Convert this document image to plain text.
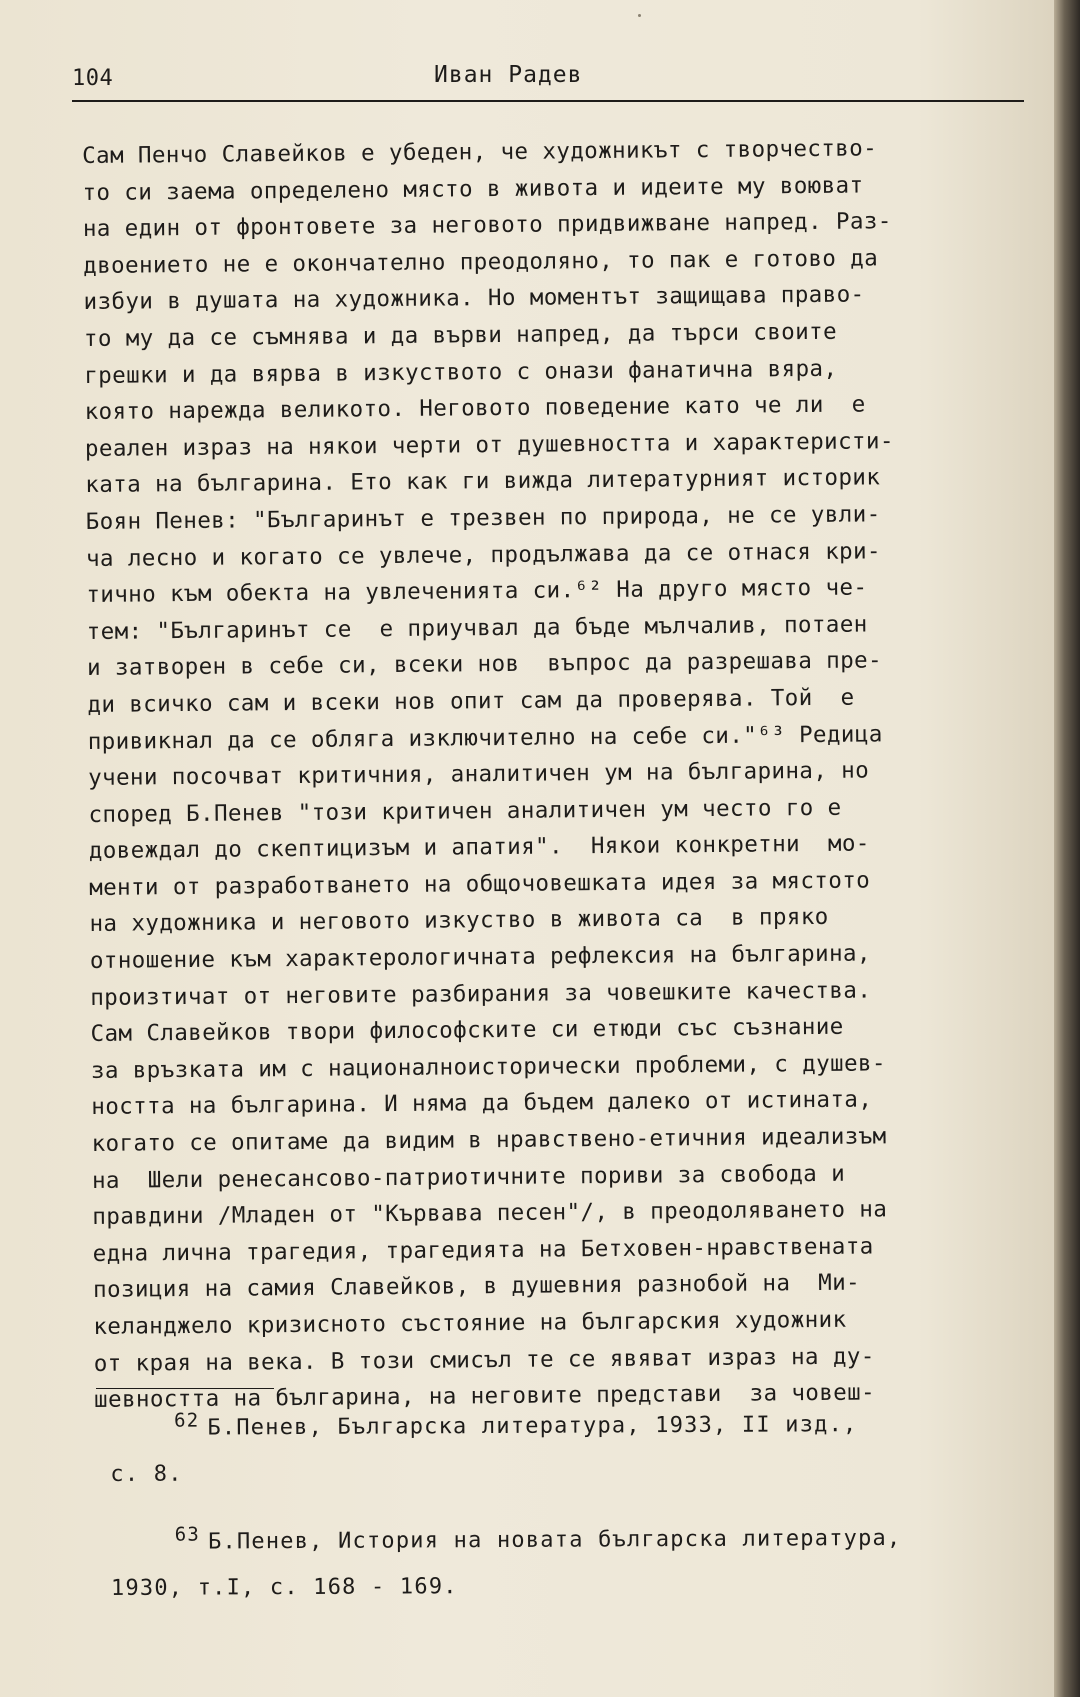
104	Иван Радев
Сам Пенчо Славейков е убеден, че художникът с творчество-
то си заема определено място в живота и идеите му воюват
на един от фронтовете за неговото придвижване напред. Раз-
двоението не е окончателно преодоляно, то пак е готово да
избуи в душата на художника. Но моментът защищава право-
то му да се съмнява и да върви напред, да търси своите
грешки и да вярва в изкуството с онази фанатична вяра,
която нарежда великото. Неговото поведение като че ли  е
реален израз на някои черти от душевността и характеристи-
ката на българина. Ето как ги вижда литературният историк
Боян Пенев: "Българинът е трезвен по природа, не се увли-
ча лесно и когато се увлече, продължава да се отнася кри-
тично към обекта на увлеченията си.⁶² На друго място че-
тем: "Българинът се  е приучвал да бъде мълчалив, потаен
и затворен в себе си, всеки нов  въпрос да разрешава пре-
ди всичко сам и всеки нов опит сам да проверява. Той  е
привикнал да се обляга изключително на себе си."⁶³ Редица
учени посочват критичния, аналитичен ум на българина, но
според Б.Пенев "този критичен аналитичен ум често го е
довеждал до скептицизъм и апатия".  Някои конкретни  мо-
менти от разработването на общочовешката идея за мястото
на художника и неговото изкуство в живота са  в пряко
отношение към характерологичната рефлексия на българина,
произтичат от неговите разбирания за човешките качества.
Сам Славейков твори философските си етюди със съзнание
за връзката им с националноисторически проблеми, с душев-
ността на българина. И няма да бъдем далеко от истината,
когато се опитаме да видим в нравствено-етичния идеализъм
на  Шели ренесансово-патриотичните пориви за свобода и
правдини /Младен от "Кървава песен"/, в преодоляването на
една лична трагедия, трагедията на Бетховен-нравствената
позиция на самия Славейков, в душевния разнобой на  Ми-
келанджело кризисното състояние на българския художник
от края на века. В този смисъл те се явяват израз на ду-
шевността на българина, на неговите представи  за човеш-
$^{62}$ Б.Пенев, Българска литература, 1933, II изд.,
с. 8.
$^{63}$ Б.Пенев, История на новата българска литература,
1930, т.I, с. 168 - 169.
